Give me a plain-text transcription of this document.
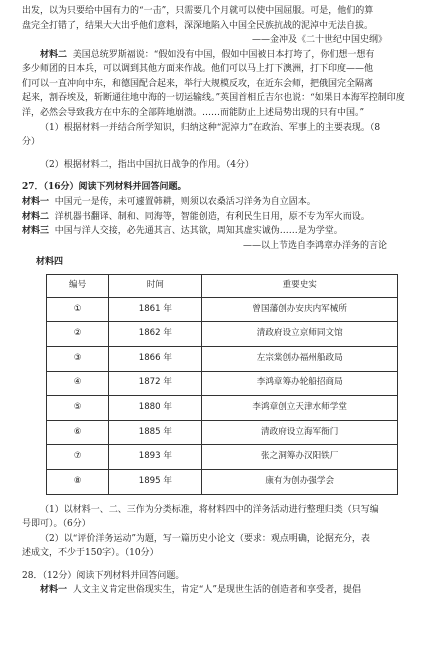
出发，以为只要给中国有力的“一击”，只需要几个月就可以使中国屈服。可是，他们的算

盘完全打错了，结果大大出乎他们意料，深深地陷入中国全民族抗战的泥淖中无法自拔。

——金冲及《二十世纪中国史纲》

材料二 美国总统罗斯福说：“假如没有中国，假如中国被日本打垮了，你们想一想有

多少师团的日本兵，可以调到其他方面来作战。他们可以马上打下澳洲，打下印度——他

们可以一直冲向中东，和德国配合起来，举行大规模反攻，在近东会师，把俄国完全隔离

起来，割吞埃及，斩断通往地中海的一切运输线。”英国首相丘吉尔也说：“如果日本海军控制印度

洋，必然会导致我方在中东的全部阵地崩溃。……而能防止上述局势出现的只有中国。”

（1）根据材料一并结合所学知识，归纳这种“泥淖力”在政治、军事上的主要表现。（8

分）

（2）根据材料二，指出中国抗日战争的作用。（4分）

27．（16分）阅读下列材料并回答问题。

材料一 中国元一是传，未可遽置韩耕，则须以农桑活习洋务为自立固本。

材料二 洋机器书翻译、制和、同海等，智能创造，有利民生日用，原不专为军火而设。

材料三 中国与洋人交接，必先通其言、达其欲，周知其虚实诚伪……是为学堂。

——以上节选自李鸿章办洋务的言论

材料四

编号	时间	重要史实
①	1861 年	曾国藩创办安庆内军械所
②	1862 年	清政府设立京师同文馆
③	1866 年	左宗棠创办福州船政局
④	1872 年	李鸿章筹办轮船招商局
⑤	1880 年	李鸿章创立天津水师学堂
⑥	1885 年	清政府设立海军衙门
⑦	1893 年	张之洞筹办汉阳铁厂
⑧	1895 年	康有为创办强学会

（1）以材料一、二、三作为分类标准，将材料四中的洋务活动进行整理归类（只写编

号即可）。（6分）

（2）以“评价洋务运动”为题，写一篇历史小论文（要求：观点明确，论据充分，表

述成文，不少于150字）。（10分）

28．（12分）阅读下列材料并回答问题。

材料一 人文主义肯定世俗现实生，肯定“人”是现世生活的创造者和享受者，提倡
